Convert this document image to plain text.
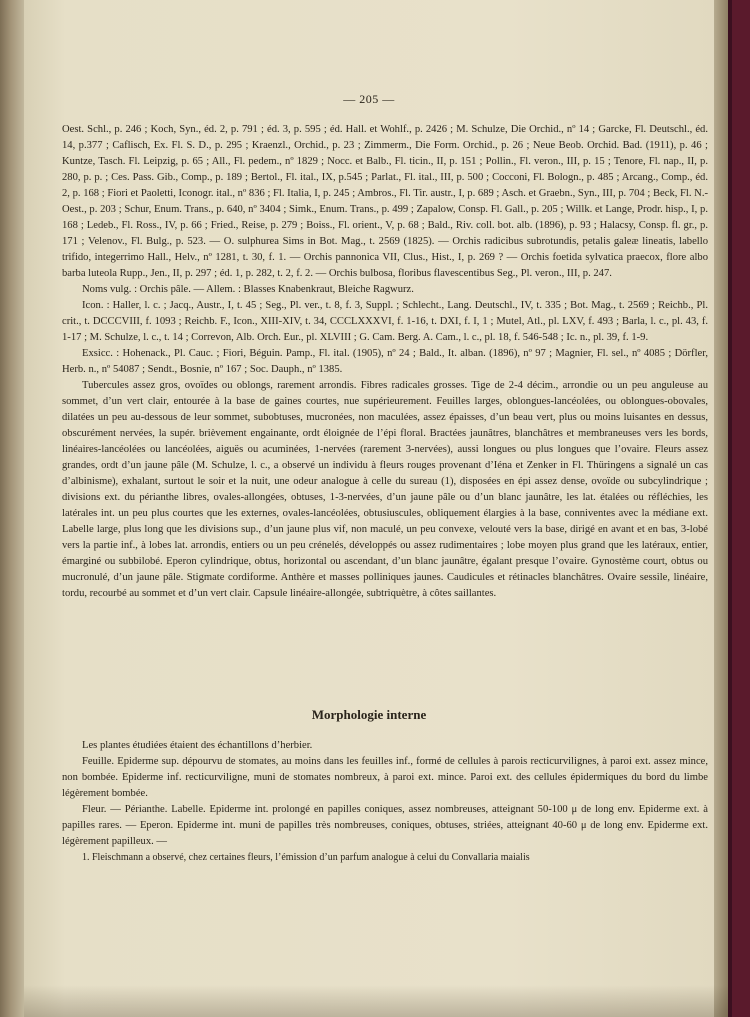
— 205 —

Oest. Schl., p. 246 ; Koch, Syn., éd. 2, p. 791 ; éd. 3, p. 595 ; éd. Hall. et Wohlf., p. 2426 ; M. Schulze, Die Orchid., nº 14 ; Garcke, Fl. Deutschl., éd. 14, p.377 ; Caflisch, Ex. Fl. S. D., p. 295 ; Kraenzl., Orchid., p. 23 ; Zimmerm., Die Form. Orchid., p. 26 ; Neue Beob. Orchid. Bad. (1911), p. 46 ; Kuntze, Tasch. Fl. Leipzig, p. 65 ; All., Fl. pedem., nº 1829 ; Nocc. et Balb., Fl. ticin., II, p. 151 ; Pollin., Fl. veron., III, p. 15 ; Tenore, Fl. nap., II, p. 280, p. p. ; Ces. Pass. Gib., Comp., p. 189 ; Bertol., Fl. ital., IX, p.545 ; Parlat., Fl. ital., III, p. 500 ; Cocconi, Fl. Bologn., p. 485 ; Arcang., Comp., éd. 2, p. 168 ; Fiori et Paoletti, Iconogr. ital., nº 836 ; Fl. Italia, I, p. 245 ; Ambros., Fl. Tir. austr., I, p. 689 ; Asch. et Graebn., Syn., III, p. 704 ; Beck, Fl. N.-Oest., p. 203 ; Schur, Enum. Trans., p. 640, nº 3404 ; Simk., Enum. Trans., p. 499 ; Zapalow, Consp. Fl. Gall., p. 205 ; Willk. et Lange, Prodr. hisp., I, p. 168 ; Ledeb., Fl. Ross., IV, p. 66 ; Fried., Reise, p. 279 ; Boiss., Fl. orient., V, p. 68 ; Bald., Riv. coll. bot. alb. (1896), p. 93 ; Halacsy, Consp. fl. gr., p. 171 ; Velenov., Fl. Bulg., p. 523. — O. sulphurea Sims in Bot. Mag., t. 2569 (1825). — Orchis radicibus subrotundis, petalis galeæ lineatis, labello trifido, integerrimo Hall., Helv., nº 1281, t. 30, f. 1. — Orchis pannonica VII, Clus., Hist., I, p. 269 ? — Orchis foetida sylvatica praecox, flore albo barba luteola Rupp., Jen., II, p. 297 ; éd. 1, p. 282, t. 2, f. 2. — Orchis bulbosa, floribus flavescentibus Seg., Pl. veron., III, p. 247.

Noms vulg. : Orchis pâle. — Allem. : Blasses Knabenkraut, Bleiche Ragwurz.

Icon. : Haller, l. c. ; Jacq., Austr., I, t. 45 ; Seg., Pl. ver., t. 8, f. 3, Suppl. ; Schlecht., Lang. Deutschl., IV, t. 335 ; Bot. Mag., t. 2569 ; Reichb., Pl. crit., t. DCCCVIII, f. 1093 ; Reichb. F., Icon., XIII-XIV, t. 34, CCCLXXXVI, f. 1-16, t. DXI, f. I, 1 ; Mutel, Atl., pl. LXV, f. 493 ; Barla, l. c., pl. 43, f. 1-17 ; M. Schulze, l. c., t. 14 ; Correvon, Alb. Orch. Eur., pl. XLVIII ; G. Cam. Berg. A. Cam., l. c., pl. 18, f. 546-548 ; Ic. n., pl. 39, f. 1-9.

Exsicc. : Hohenack., Pl. Cauc. ; Fiori, Béguin. Pamp., Fl. ital. (1905), nº 24 ; Bald., It. alban. (1896), nº 97 ; Magnier, Fl. sel., nº 4085 ; Dörfler, Herb. n., nº 54087 ; Sendt., Bosnie, nº 167 ; Soc. Dauph., nº 1385.

Tubercules assez gros, ovoïdes ou oblongs, rarement arrondis. Fibres radicales grosses. Tige de 2-4 décim., arrondie ou un peu anguleuse au sommet, d’un vert clair, entourée à la base de gaines courtes, nue supérieurement. Feuilles larges, oblongues-lancéolées, ou oblongues-obovales, dilatées un peu au-dessous de leur sommet, subobtuses, mucronées, non maculées, assez épaisses, d’un beau vert, plus ou moins luisantes en dessus, obscurément nervées, la supér. brièvement engainante, ordt éloignée de l’épi floral. Bractées jaunâtres, blanchâtres et membraneuses vers les bords, linéaires-lancéolées ou lancéolées, aiguës ou acuminées, 1-nervées (rarement 3-nervées), aussi longues ou plus longues que l’ovaire. Fleurs assez grandes, ordt d’un jaune pâle (M. Schulze, l. c., a observé un individu à fleurs rouges provenant d’Iéna et Zenker in Fl. Thüringens a signalé un cas d’albinisme), exhalant, surtout le soir et la nuit, une odeur analogue à celle du sureau (1), disposées en épi assez dense, ovoïde ou subcylindrique ; divisions ext. du périanthe libres, ovales-allongées, obtuses, 1-3-nervées, d’un jaune pâle ou d’un blanc jaunâtre, les lat. étalées ou réfléchies, les latérales int. un peu plus courtes que les externes, ovales-lancéolées, obtusiuscules, obliquement élargies à la base, conniventes avec la médiane ext. Labelle large, plus long que les divisions sup., d’un jaune plus vif, non maculé, un peu convexe, velouté vers la base, dirigé en avant et en bas, 3-lobé vers la partie inf., à lobes lat. arrondis, entiers ou un peu crénelés, développés ou assez rudimentaires ; lobe moyen plus grand que les latéraux, entier, émarginé ou subbilobé. Eperon cylindrique, obtus, horizontal ou ascendant, d’un blanc jaunâtre, égalant presque l’ovaire. Gynostème court, obtus ou mucronulé, d’un jaune pâle. Stigmate cordiforme. Anthère et masses polliniques jaunes. Caudicules et rétinacles blanchâtres. Ovaire sessile, linéaire, tordu, recourbé au sommet et d’un vert clair. Capsule linéaire-allongée, subtriquètre, à côtes saillantes.

Morphologie interne

Les plantes étudiées étaient des échantillons d’herbier.

Feuille. Epiderme sup. dépourvu de stomates, au moins dans les feuilles inf., formé de cellules à parois recticurvilignes, à paroi ext. assez mince, non bombée. Epiderme inf. recticurviligne, muni de stomates nombreux, à paroi ext. mince. Paroi ext. des cellules épidermiques du bord du limbe légèrement bombée.

Fleur. — Périanthe. Labelle. Epiderme int. prolongé en papilles coniques, assez nombreuses, atteignant 50-100 μ de long env. Epiderme ext. à papilles rares. — Eperon. Epiderme int. muni de papilles très nombreuses, coniques, obtuses, striées, atteignant 40-60 μ de long env. Epiderme ext. légèrement papilleux. —

1. Fleischmann a observé, chez certaines fleurs, l’émission d’un parfum analogue à celui du Convallaria maialis
